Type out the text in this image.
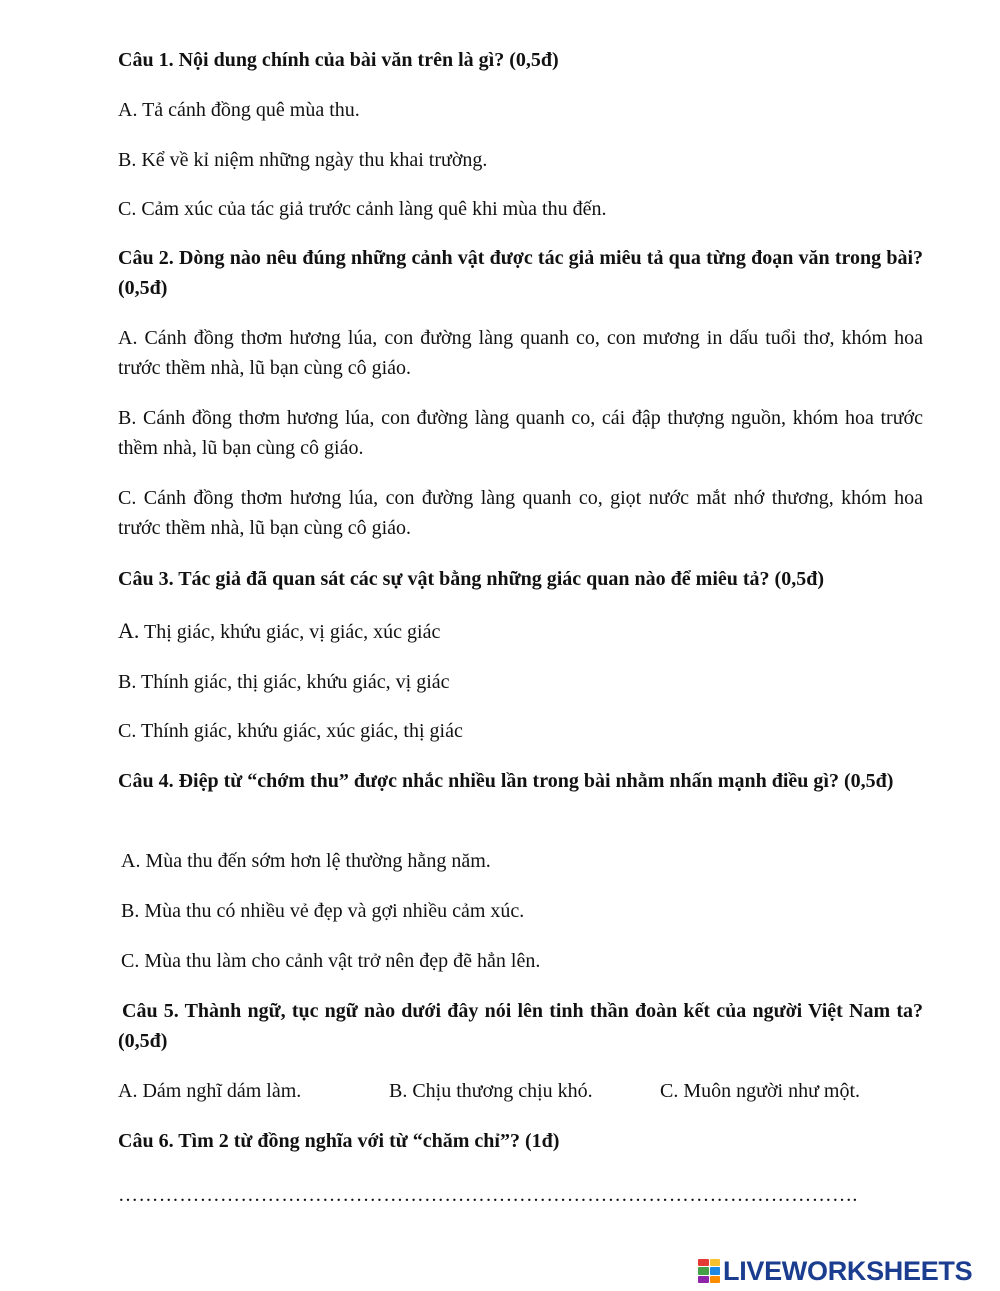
Câu 1. Nội dung chính của bài văn trên là gì? (0,5đ)

A. Tả cánh đồng quê mùa thu.

B. Kể về kỉ niệm những ngày thu khai trường.

C. Cảm xúc của tác giả trước cảnh làng quê khi mùa thu đến.

Câu 2. Dòng nào nêu đúng những cảnh vật được tác giả miêu tả qua từng đoạn văn trong bài? (0,5đ)

A. Cánh đồng thơm hương lúa, con đường làng quanh co, con mương in dấu tuổi thơ, khóm hoa trước thềm nhà, lũ bạn cùng cô giáo.

B. Cánh đồng thơm hương lúa, con đường làng quanh co, cái đập thượng nguồn, khóm hoa trước thềm nhà, lũ bạn cùng cô giáo.

C. Cánh đồng thơm hương lúa, con đường làng quanh co, giọt nước mắt nhớ thương, khóm hoa trước thềm nhà, lũ bạn cùng cô giáo.

Câu 3. Tác giả đã quan sát các sự vật bằng những giác quan nào để miêu tả? (0,5đ)

A. Thị giác, khứu giác, vị giác, xúc giác

B. Thính giác, thị giác, khứu giác, vị giác

C. Thính giác, khứu giác, xúc giác, thị giác

Câu 4. Điệp từ “chớm thu” được nhắc nhiều lần trong bài nhằm nhấn mạnh điều gì? (0,5đ)

A. Mùa thu đến sớm hơn lệ thường hằng năm.

B. Mùa thu có nhiều vẻ đẹp và gợi nhiều cảm xúc.

C. Mùa thu làm cho cảnh vật trở nên đẹp đẽ hẳn lên.

Câu 5. Thành ngữ, tục ngữ nào dưới đây nói lên tinh thần đoàn kết của người Việt Nam ta? (0,5đ)

A. Dám nghĩ dám làm.	B. Chịu thương chịu khó.	C. Muôn người như một.

Câu 6. Tìm 2 từ đồng nghĩa với từ “chăm chỉ”? (1đ)

……………………………………………………………………………………………….
LIVEWORKSHEETS
